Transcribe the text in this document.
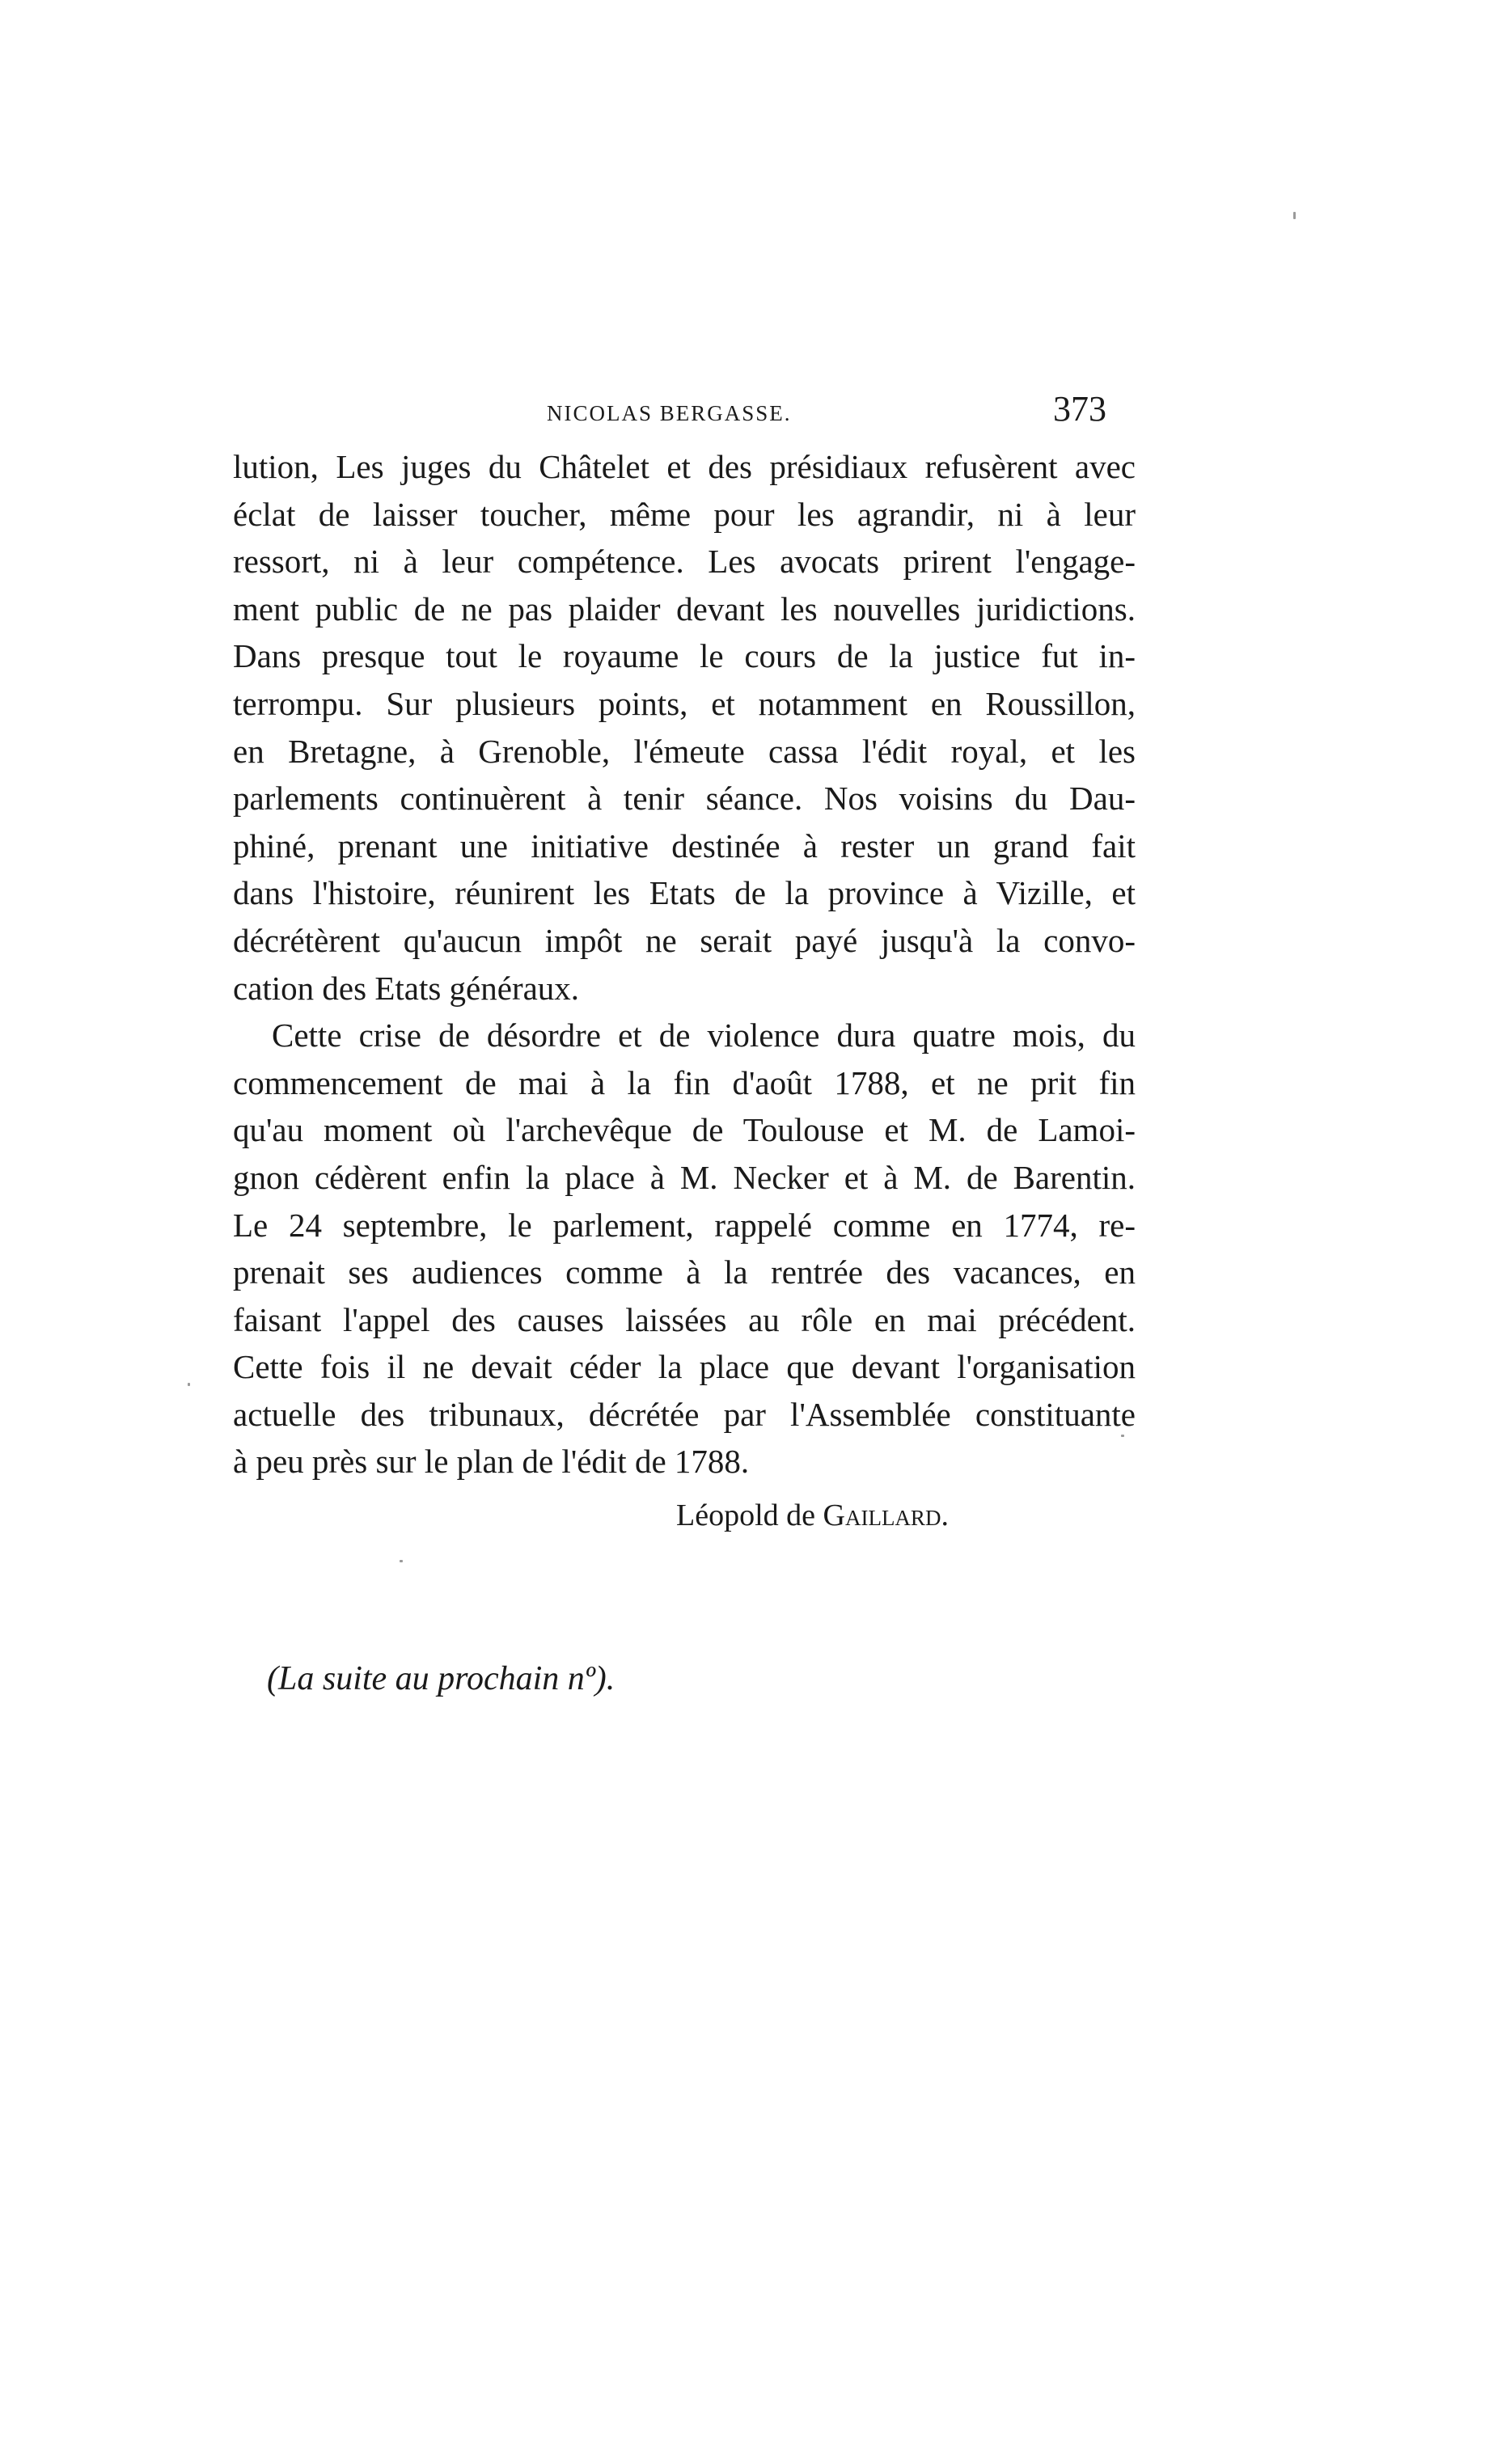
NICOLAS BERGASSE.	373
lution, Les juges du Châtelet et des présidiaux refusèrent avec
éclat de laisser toucher, même pour les agrandir, ni à leur
ressort, ni à leur compétence. Les avocats prirent l'engage-
ment public de ne pas plaider devant les nouvelles juridictions.
Dans presque tout le royaume le cours de la justice fut in-
terrompu. Sur plusieurs points, et notamment en Roussillon,
en Bretagne, à Grenoble, l'émeute cassa l'édit royal, et les
parlements continuèrent à tenir séance. Nos voisins du Dau-
phiné, prenant une initiative destinée à rester un grand fait
dans l'histoire, réunirent les Etats de la province à Vizille, et
décrétèrent qu'aucun impôt ne serait payé jusqu'à la convo-
cation des Etats généraux.
Cette crise de désordre et de violence dura quatre mois, du
commencement de mai à la fin d'août 1788, et ne prit fin
qu'au moment où l'archevêque de Toulouse et M. de Lamoi-
gnon cédèrent enfin la place à M. Necker et à M. de Barentin.
Le 24 septembre, le parlement, rappelé comme en 1774, re-
prenait ses audiences comme à la rentrée des vacances, en
faisant l'appel des causes laissées au rôle en mai précédent.
Cette fois il ne devait céder la place que devant l'organisation
actuelle des tribunaux, décrétée par l'Assemblée constituante
à peu près sur le plan de l'édit de 1788.
Léopold de Gaillard.
(La suite au prochain nº).
